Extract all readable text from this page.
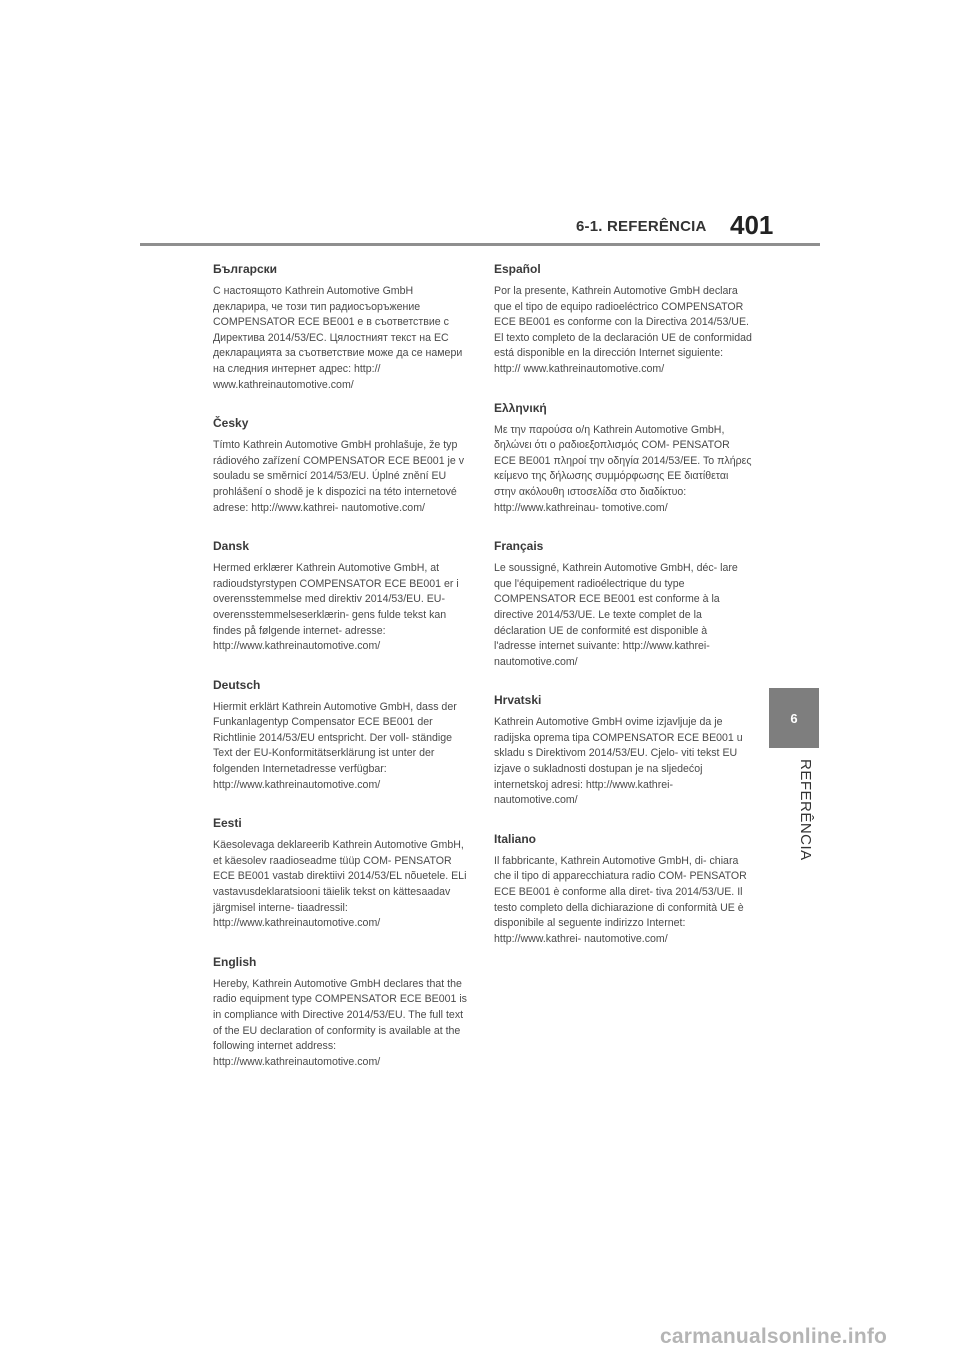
6-1. REFERÊNCIA 401
6
REFERÊNCIA
Български

С настоящото Kathrein Automotive GmbH декларира, че този тип радиосъоръжение COMPENSATOR ECE BE001 е в съответствие с Директива 2014/53/ЕС. Цялостният текст на ЕС декларацията за съответствие може да се намери на следния интернет адрес: http:// www.kathreinautomotive.com/

Česky

Tímto Kathrein Automotive GmbH prohlašuje, že typ rádiového zařízení COMPENSATOR ECE BE001 je v souladu se směrnicí 2014/53/EU. Úplné znění EU prohlášení o shodě je k dispozici na této internetové adrese: http://www.kathrei- nautomotive.com/

Dansk

Hermed erklærer Kathrein Automotive GmbH, at radioudstyrstypen COMPENSATOR ECE BE001 er i overensstemmelse med direktiv 2014/53/EU. EU-overensstemmelseserklærin- gens fulde tekst kan findes på følgende internet- adresse: http://www.kathreinautomotive.com/

Deutsch

Hiermit erklärt Kathrein Automotive GmbH, dass der Funkanlagentyp Compensator ECE BE001 der Richtlinie 2014/53/EU entspricht. Der voll- ständige Text der EU-Konformitätserklärung ist unter der folgenden Internetadresse verfügbar: http://www.kathreinautomotive.com/

Eesti

Käesolevaga deklareerib Kathrein Automotive GmbH, et käesolev raadioseadme tüüp COM- PENSATOR ECE BE001 vastab direktiivi 2014/53/EL nõuetele. ELi vastavusdeklaratsiooni täielik tekst on kättesaadav järgmisel interne- tiaadressil: http://www.kathreinautomotive.com/

English

Hereby, Kathrein Automotive GmbH declares that the radio equipment type COMPENSATOR ECE BE001 is in compliance with Directive 2014/53/EU. The full text of the EU declaration of conformity is available at the following internet address: http://www.kathreinautomotive.com/

Español

Por la presente, Kathrein Automotive GmbH declara que el tipo de equipo radioeléctrico COMPENSATOR ECE BE001 es conforme con la Directiva 2014/53/UE. El texto completo de la declaración UE de conformidad está disponible en la dirección Internet siguiente: http:// www.kathreinautomotive.com/

Ελληνική

Με την παρούσα ο/η Kathrein Automotive GmbH, δηλώνει ότι ο ραδιοεξοπλισμός COM- PENSATOR ECE BE001 πληροί την οδηγία 2014/53/ΕΕ. Το πλήρες κείμενο της δήλωσης συμμόρφωσης ΕΕ διατίθεται στην ακόλουθη ιστοσελίδα στο διαδίκτυο: http://www.kathreinau- tomotive.com/

Français

Le soussigné, Kathrein Automotive GmbH, déc- lare que l'équipement radioélectrique du type COMPENSATOR ECE BE001 est conforme à la directive 2014/53/UE. Le texte complet de la déclaration UE de conformité est disponible à l'adresse internet suivante: http://www.kathrei- nautomotive.com/

Hrvatski

Kathrein Automotive GmbH ovime izjavljuje da je radijska oprema tipa COMPENSATOR ECE BE001 u skladu s Direktivom 2014/53/EU. Cjelo- viti tekst EU izjave o sukladnosti dostupan je na sljedećoj internetskoj adresi: http://www.kathrei- nautomotive.com/

Italiano

Il fabbricante, Kathrein Automotive GmbH, di- chiara che il tipo di apparecchiatura radio COM- PENSATOR ECE BE001 è conforme alla diret- tiva 2014/53/UE. Il testo completo della dichiarazione di conformità UE è disponibile al seguente indirizzo Internet: http://www.kathrei- nautomotive.com/

carmanualsonline.info
